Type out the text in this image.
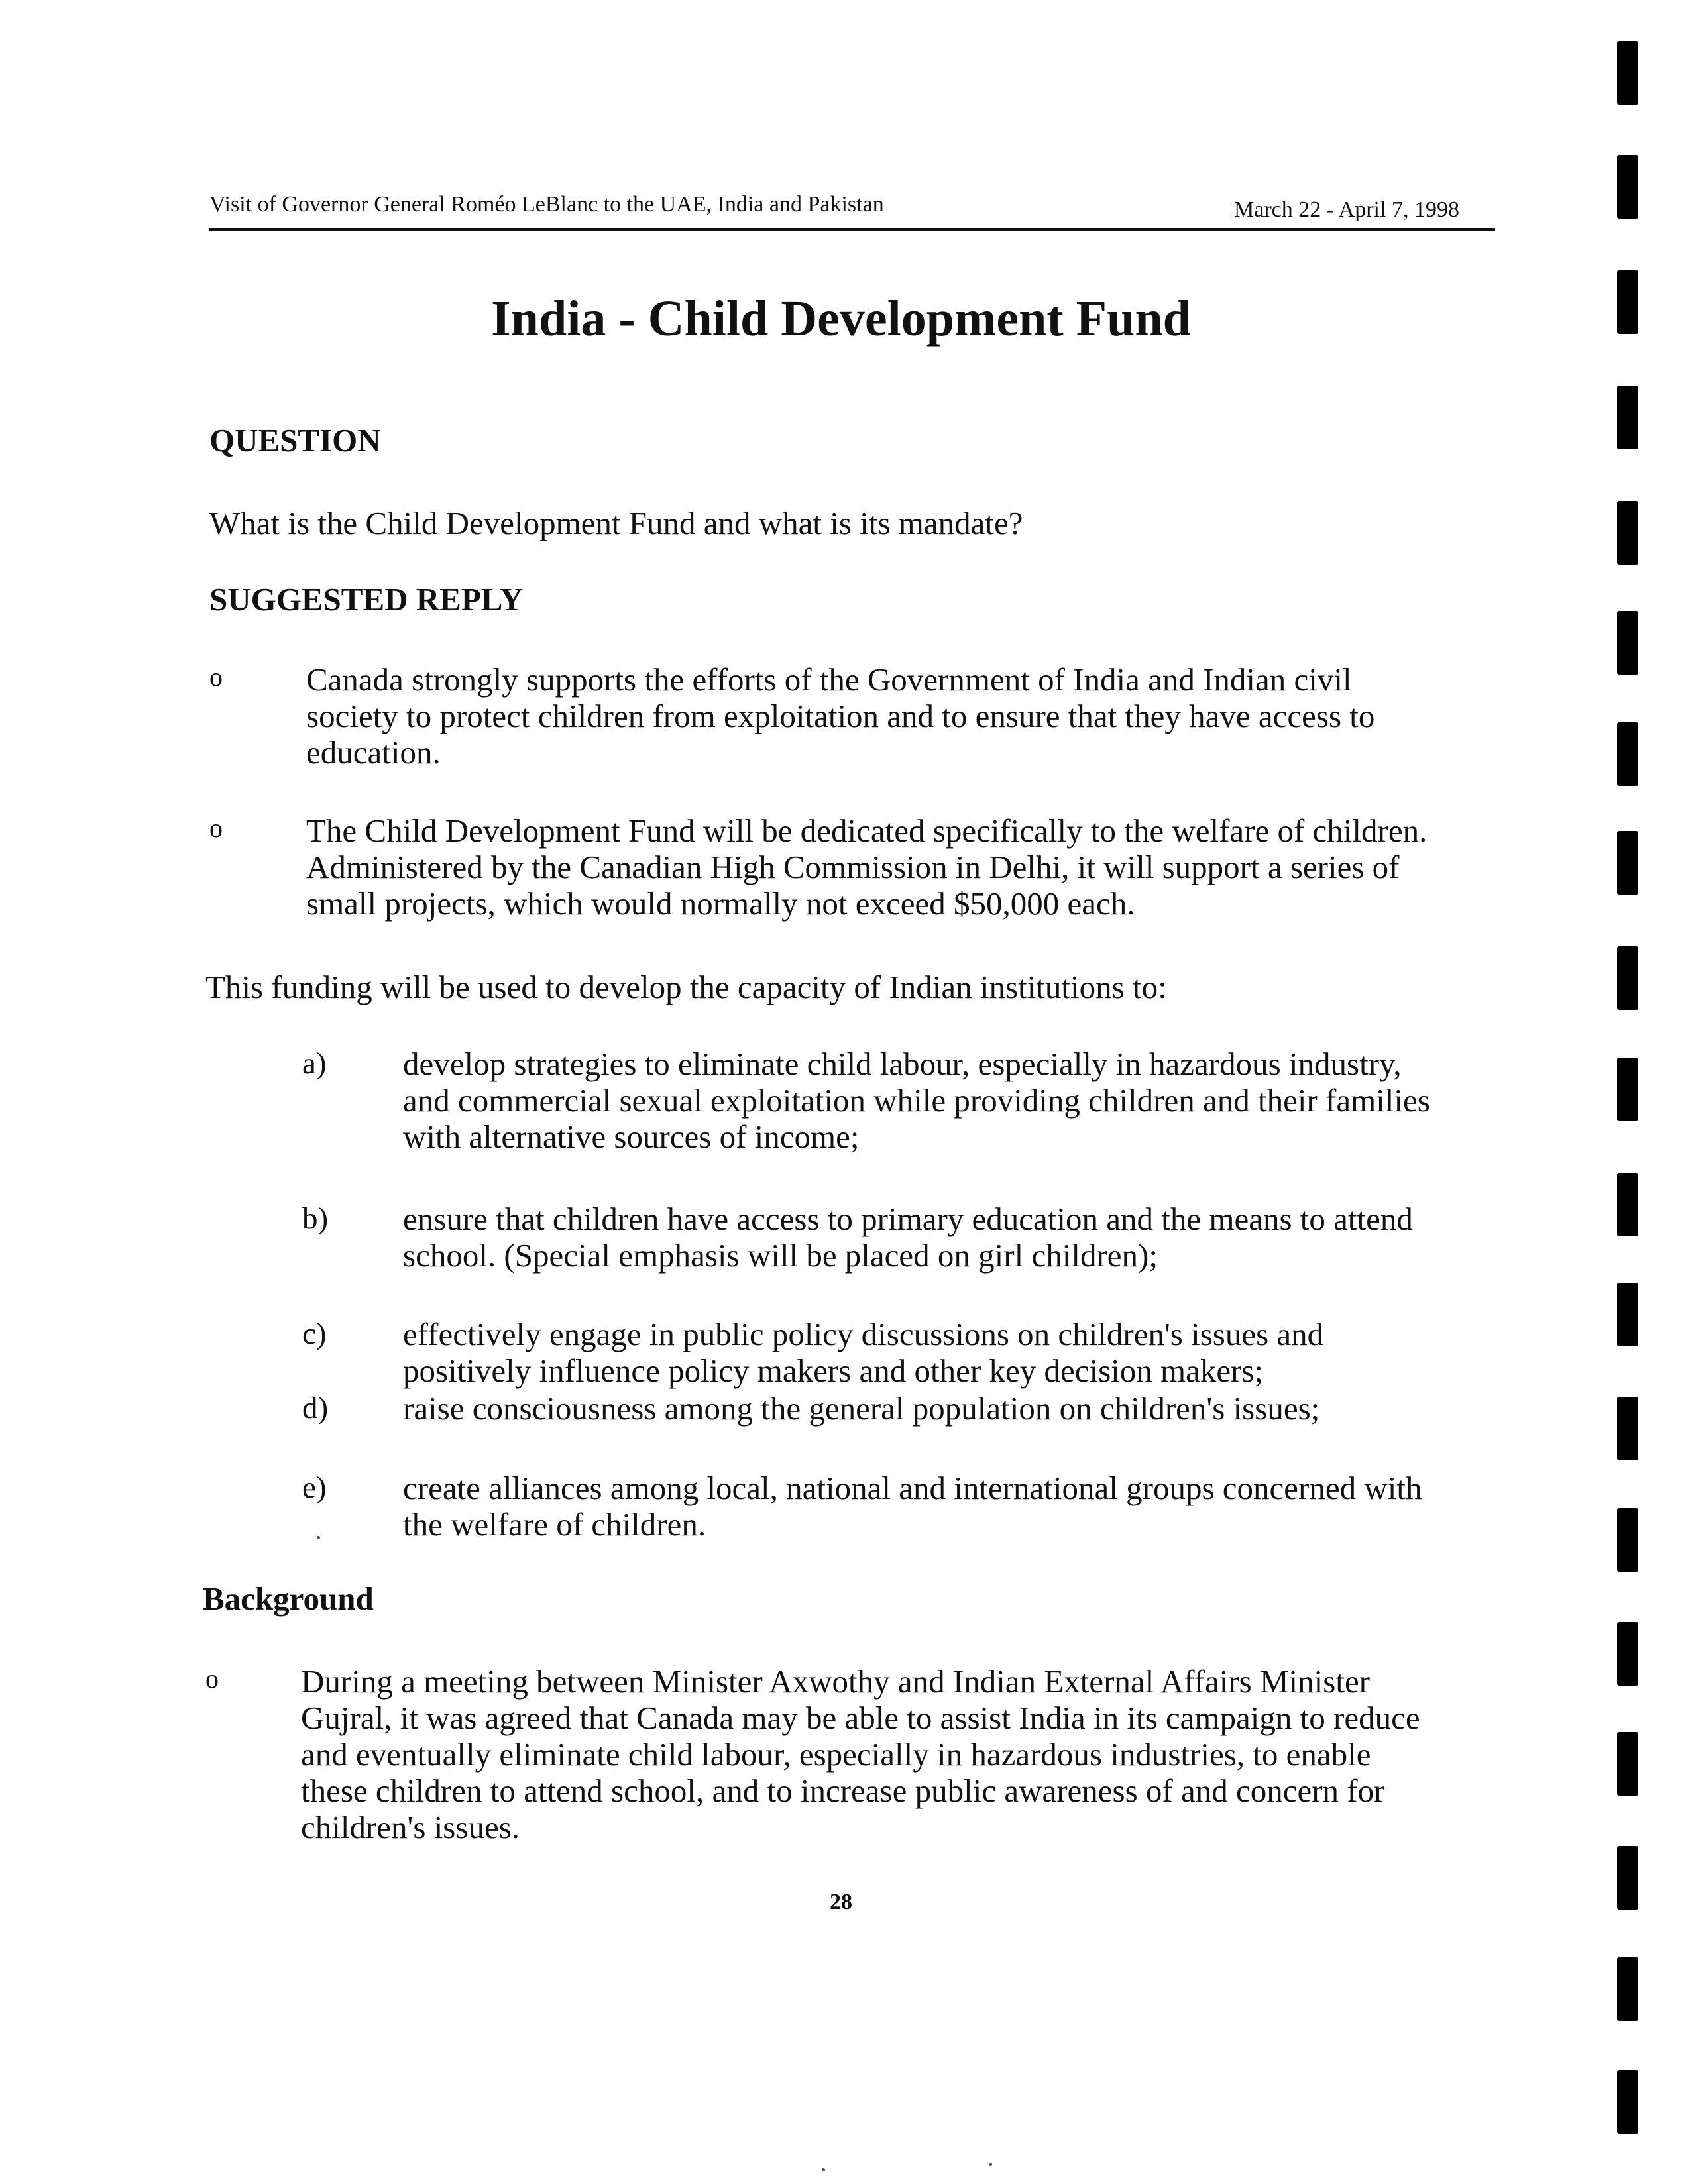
Visit of Governor General Roméo LeBlanc to the UAE, India and Pakistan	March 22 - April 7, 1998
India - Child Development Fund
QUESTION
What is the Child Development Fund and what is its mandate?
SUGGESTED REPLY
o	Canada strongly supports the efforts of the Government of India and Indian civil
society to protect children from exploitation and to ensure that they have access to
education.
o	The Child Development Fund will be dedicated specifically to the welfare of children.
Administered by the Canadian High Commission in Delhi, it will support a series of
small projects, which would normally not exceed $50,000 each.
This funding will be used to develop the capacity of Indian institutions to:
a) develop strategies to eliminate child labour, especially in hazardous industry,
and commercial sexual exploitation while providing children and their families
with alternative sources of income;
b) ensure that children have access to primary education and the means to attend
school. (Special emphasis will be placed on girl children);
c) effectively engage in public policy discussions on children's issues and
positively influence policy makers and other key decision makers;
d) raise consciousness among the general population on children's issues;
e) create alliances among local, national and international groups concerned with
the welfare of children.
Background
o	During a meeting between Minister Axwothy and Indian External Affairs Minister
Gujral, it was agreed that Canada may be able to assist India in its campaign to reduce
and eventually eliminate child labour, especially in hazardous industries, to enable
these children to attend school, and to increase public awareness of and concern for
children's issues.
28
